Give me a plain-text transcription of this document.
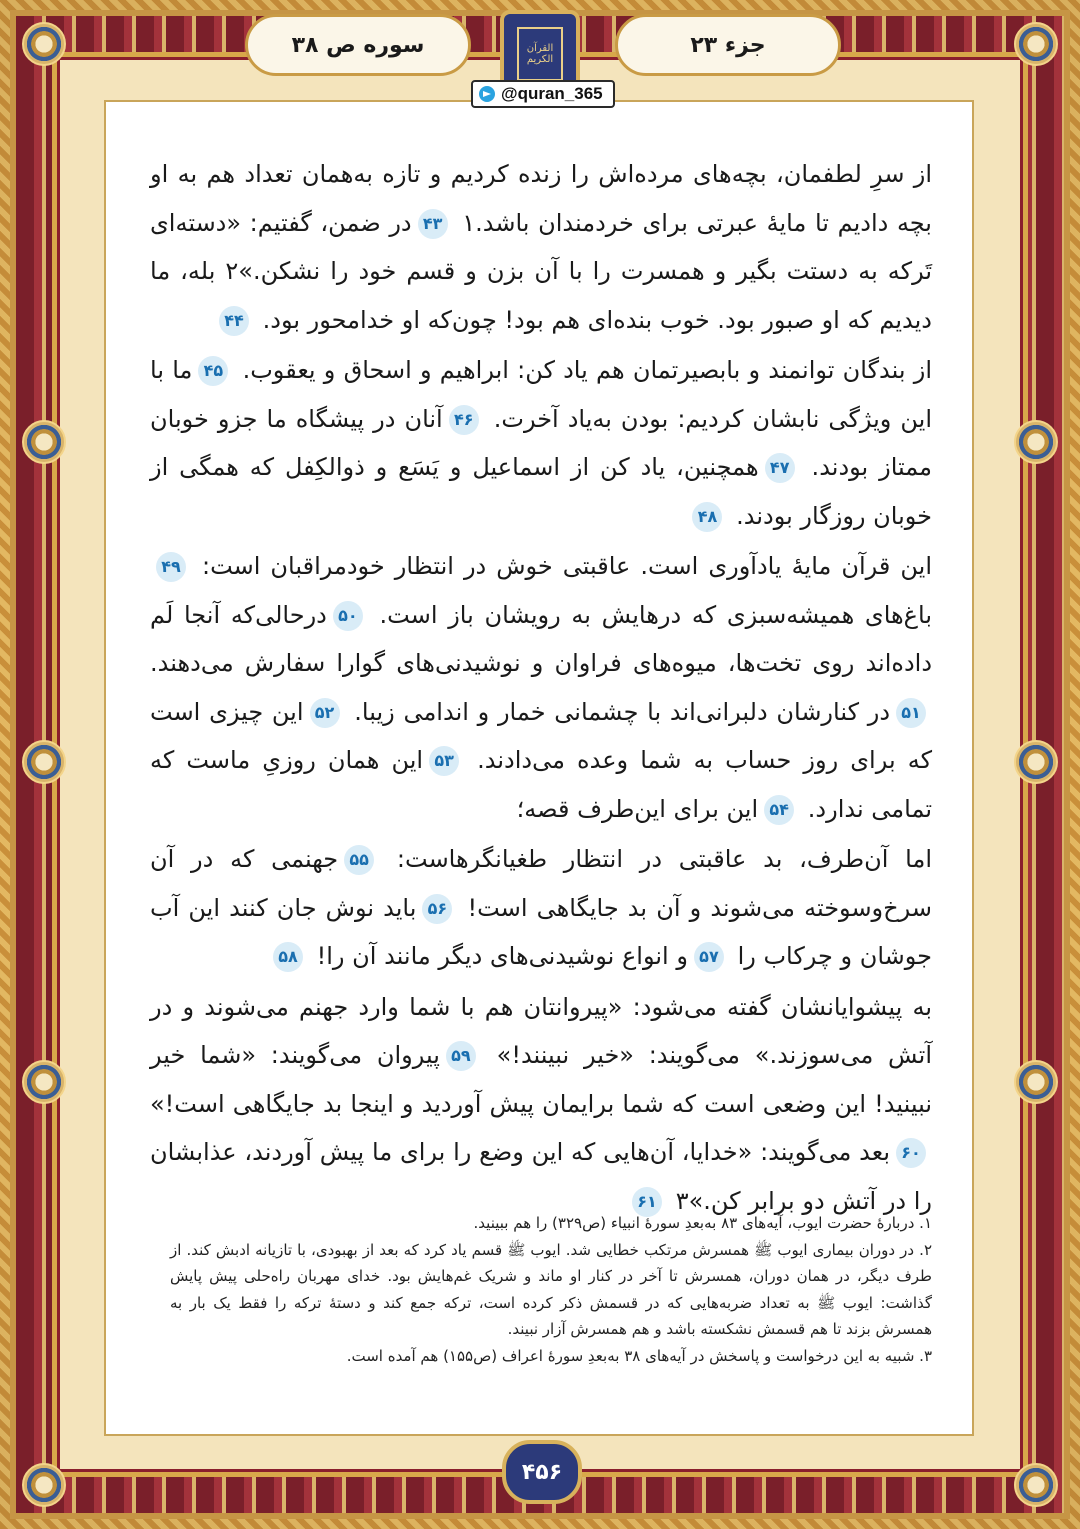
سوره ص ۳۸	جزء ۲۳
القرآن الكريم
@quran_365

از سرِ لطفمان، بچه‌های مرده‌اش را زنده کردیم و تازه به‌همان تعداد هم به او بچه دادیم تا مایهٔ عبرتی برای خردمندان باشد.۱ ۴۳در ضمن، گفتیم: «دسته‌ای تَرکه به دستت بگیر و همسرت را با آن بزن و قسم خود را نشکن.»۲ بله، ما دیدیم که او صبور بود. خوب بنده‌ای هم بود! چون‌که او خدامحور بود. ۴۴

از بندگان توانمند و بابصیرتمان هم یاد کن: ابراهیم و اسحاق و یعقوب. ۴۵ما با این ویژگی نابشان کردیم: بودن به‌یاد آخرت. ۴۶آنان در پیشگاه ما جزو خوبان ممتاز بودند. ۴۷همچنین، یاد کن از اسماعیل و یَسَع و ذوالکِفل که همگی از خوبان روزگار بودند. ۴۸

این قرآن مایهٔ یادآوری است. عاقبتی خوش در انتظار خودمراقبان است: ۴۹باغ‌های همیشه‌سبزی که درهایش به رویشان باز است. ۵۰درحالی‌که آنجا لَم داده‌اند روی تخت‌ها، میوه‌های فراوان و نوشیدنی‌های گوارا سفارش می‌دهند. ۵۱در کنارشان دلبرانی‌اند با چشمانی خمار و اندامی زیبا. ۵۲این چیزی است که برای روز حساب به شما وعده می‌دادند. ۵۳این همان روزیِ ماست که تمامی ندارد. ۵۴این برای این‌طرف قصه؛

اما آن‌طرف، بد عاقبتی در انتظار طغیانگرهاست: ۵۵جهنمی که در آن سرخ‌وسوخته می‌شوند و آن بد جایگاهی است! ۵۶باید نوش جان کنند این آب جوشان و چرکاب را ۵۷و انواع نوشیدنی‌های دیگر مانند آن را! ۵۸

به پیشوایانشان گفته می‌شود: «پیروانتان هم با شما وارد جهنم می‌شوند و در آتش می‌سوزند.» می‌گویند: «خیر نبینند!» ۵۹پیروان می‌گویند: «شما خیر نبینید! این وضعی است که شما برایمان پیش آوردید و اینجا بد جایگاهی است!» ۶۰بعد می‌گویند: «خدایا، آن‌هایی که این وضع را برای ما پیش آوردند، عذابشان را در آتش دو برابر کن.»۳ ۶۱

۱. دربارهٔ حضرت ایوب، آیه‌های ۸۳ به‌بعدِ سورهٔ انبیاء (ص۳۲۹) را هم ببینید.

۲. در دوران بیماری ایوب ﷺ همسرش مرتکب خطایی شد. ایوب ﷺ قسم یاد کرد که بعد از بهبودی، با تازیانه ادبش کند. از طرف دیگر، در همان دوران، همسرش تا آخر در کنار او ماند و شریک غم‌هایش بود. خدای مهربان راه‌حلی پیش پایش گذاشت: ایوب ﷺ به تعداد ضربه‌هایی که در قسمش ذکر کرده است، ترکه جمع کند و دستهٔ ترکه را فقط یک بار به همسرش بزند تا هم قسمش نشکسته باشد و هم همسرش آزار نبیند.

۳. شبیه به این درخواست و پاسخش در آیه‌های ۳۸ به‌بعدِ سورهٔ اعراف (ص۱۵۵) هم آمده است.

۴۵۶
